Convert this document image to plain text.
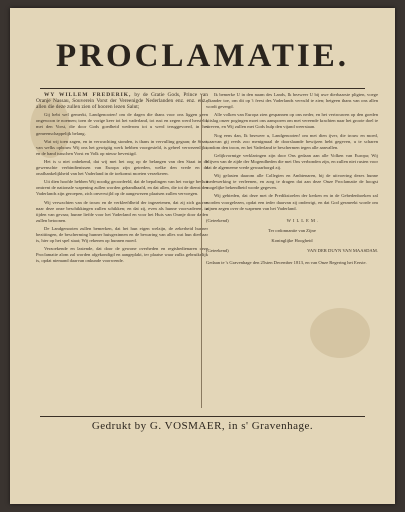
PROCLAMATIE.

WY WILLEM FREDERIK, by de Gratie Gods, Prince van Oranje Nassau, Souverein Vorst der Vereenigde Nederlanden enz. enz. enz., allen die deze zullen zien of hooren lezen Salut;

Gij hebt wel gemerkt, Landgenooten! om de dagen die thans voor ons liggen geen ongewoon te noemen; toen de vorige keer tot het vaderland, tot rust en zegen werd hersteld, met den Vorst, die door Gods goedheid wederom tot u werd teruggevoerd, in het gemeenschappelijk belang.

Wat wij toen zagen, en in verwachting stonden, is thans in vervulling gegaan; de Staat, van welks opbouw Wij ons het gewigtig werk hebben voorgesteld, is geheel verwezenlijkt, en de band tusschen Vorst en Volk op nieuw bevestigd.

Het is u niet onbekend, dat wij met het oog op de belangen van den Staat in de gewenschte verbindtenissen van Europa zijn getreden, welke den vrede en de onafhankelijkheid van het Vaderland in de toekomst moeten verzekeren.

Uit dien hoofde hebben Wij noodig geoordeeld, dat de bepalingen van het vorige besluit omtrent de nationale wapening zullen worden gehandhaafd, en dat allen, die tot de dienst des Vaderlands zijn geroepen, zich onverwijld op de aangewezen plaatsen zullen vervoegen.

Wij verwachten van de trouw en de verkleefdheid der ingezetenen, dat zij zich gaarne naar deze onze beschikkingen zullen schikken; en dat zij, even als hunne voorvaderen, in tijden van gevaar, hunne liefde voor het Vaderland en voor het Huis van Oranje door daden zullen betoonen.

De Landgenooten zullen bemerken, dat het hun eigen welzijn, de zekerheid hunner bezittingen, de bescherming hunner huisgezinnen en de bewaring van alles wat hun dierbaar is, hier op het spel staat; Wij rekenen op hunnen moed.

Verzoekende en lastende, dat door de gewone overheden en regtsbedienaren deze Proclamatie alom zal worden afgekondigd en aangeplakt, ter plaatse waar zulks gebruikelijk is, opdat niemand daarvan onkunde voorwende.

Ik bemerke U in den naam des Lands, Ik bezweer U bij uwe dierbaarste pligten, voege elkander toe, om dit op 't feest des Vaderlands vervuld te zien; hetgeen thans van ons allen wordt gevergd.

Alle volken van Europa zien gespannen op ons neder, en het vertrouwen op den goeden uitslag onzer pogingen moet ons aansporen om met vereende krachten naar het groote doel te streven, en Wij zullen met Gods hulp den vijand weerstaan.

Nog eens dan, Ik bezweer u, Landgenooten! om met dien ijver, die trouw en moed, waarvan gij reeds zoo menigmaal de doorslaande bewijzen hebt gegeven, u te scharen rondom den troon, en het Vaderland te beschermen tegen alle aanvallen.

Gelijkvormige verklaringen zijn door Ons gedaan aan alle Volken van Europa; Wij blijven van de zijde der Mogendheden die met Ons verbonden zijn, en zullen niet rusten voor dat de algemeene vrede gewaarborgd zij.

Wij gelasten daarom alle Collegien en Ambtenaren, bij de uitvoering dezes hunne medewerking te verleenen, en zorg te dragen dat aan deze Onze Proclamatie de hoogst mogelijke bekendheid worde gegeven.

Wij gebieden, dat deze met de Predikstoelen der kerken en in de Gebedenboeken zal worden voorgelezen, opdat een ieder daarvan zij onderrigt, en dat God gesmeekt worde om zijnen zegen over de wapenen van het Vaderland.

(Geteekend)	WILLEM.
Ter ordonnantie van Zijne
Koninglijke Hoogheid
(Geteekend)	VAN DER DUYN VAN MAASDAM.
Gedaan te 's Gravenhage den 25sten December 1813, en van Onze Regering het Eerste.
Gedrukt by G. VOSMAER, in s' Gravenhage.
